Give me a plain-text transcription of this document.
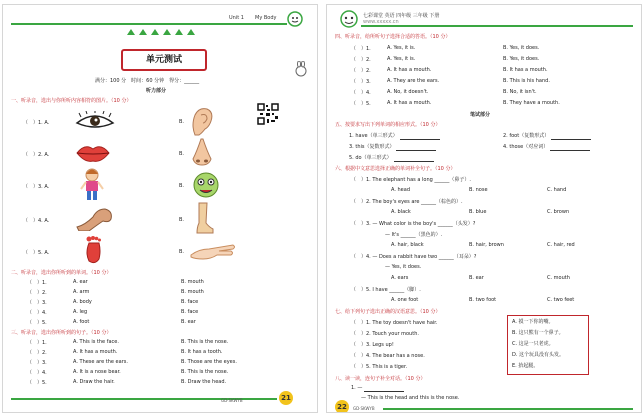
Unit 1 My Body
单元测试
满分：100 分　时间：60 分钟　得分：______
听力部分
一、听录音，选出与你所听内容相符的图片。（10 分）
（　）1. A.	B.
（　）2. A.	B.
（　）3. A.	B.
（　）4. A.	B.
（　）5. A.	B.
二、听录音，选出你所听到的单词。（10 分）
（　）1.	A. ear	B. mouth
（　）2.	A. arm	B. mouth
（　）3.	A. body	B. face
（　）4.	A. leg	B. face
（　）5.	A. foot	B. ear
三、听录音，选出你所听到的句子。（10 分）
（　）1.	A. This is the face.	B. This is the nose.
（　）2.	A. It has a mouth.	B. It has a tooth.
（　）3.	A. These are the ears.	B. Those are the eyes.
（　）4.	A. It is a nose bear.	B. This is the nose.
（　）5.	A. Draw the hair.	B. Draw the head.
GD·SKWYB	21
七彩课堂 英语 四年级 三年级 下册
www.xxxxx.cn
四、听录音，给所听句子选择合适的答语。（10 分）
（　）1.	A. Yes, it is.	B. Yes, it does.
（　）2.	A. Yes, it is.	B. Yes, it does.
（　）2.	A. It has a mouth.	B. It has a mouth.
（　）3.	A. They are the ears.	B. This is his hand.
（　）4.	A. No, it doesn't.	B. No, it isn't.
（　）5.	A. It has a mouth.	B. They have a mouth.
笔试部分
五、按要求写出下列单词的相应形式。（10 分）
1. have（单三形式）	2. foot（复数形式）
3. this（复数形式）	4. those（对应词）
5. do（单三形式）
六、根据中文意思选择正确的单词补全句子。（10 分）
（　）1. The elephant has a long ______（鼻子）.
A. head	B. nose	C. hand
（　）2. The boy's eyes are ______（棕色的）.
A. black	B. blue	C. brown
（　）3. — What color is the boy's ______（头发）?
— It's ______（黑色的）.
A. hair, black	B. hair, brown	C. hair, red
（　）4. — Does a rabbit have two ______（耳朵）?
— Yes, it does.
A. ears	B. ear	C. mouth
（　）5. I have ______（脚）.
A. one foot	B. two foot	C. two feet
七、给下列句子选出正确的汉语意思。（10 分）
（　）1. The toy doesn't have hair.
（　）2. Touch your mouth.
（　）3. Legs up!
（　）4. The bear has a nose.
（　）5. This is a tiger.
A. 摸一下你的嘴。
B. 这只熊有一个鼻子。
C. 这是一只老虎。
D. 这个玩具没有头发。
E. 抬起腿。
八、读一读，连句子补全对话。（10 分）
1. —
— This is the head and this is the nose.
22	GD·SKWYB
